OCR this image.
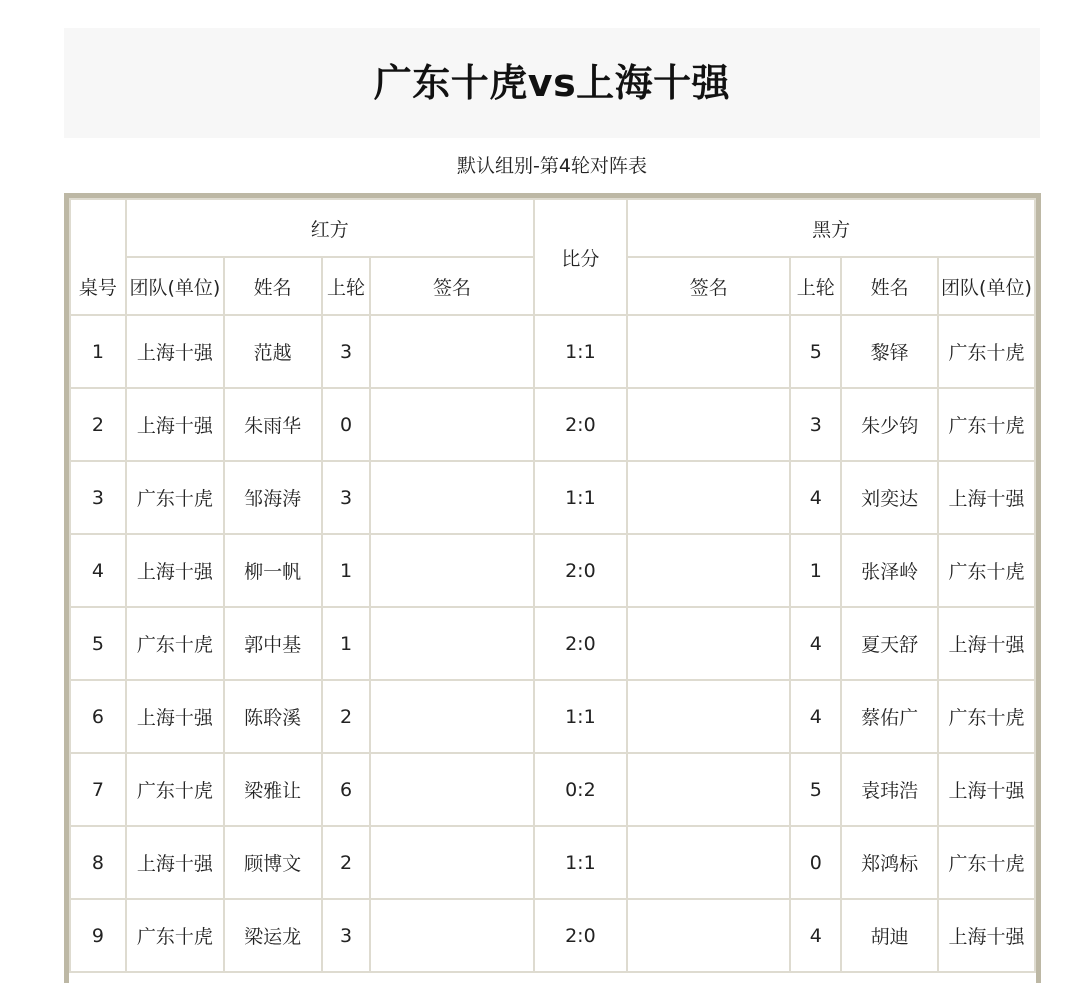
广东十虎vs上海十强
默认组别-第4轮对阵表
桌号	红方				比分	黑方			
	团队(单位)	姓名	上轮	签名		签名	上轮	姓名	团队(单位)
1	上海十强	范越	3		1:1		5	黎铎	广东十虎
2	上海十强	朱雨华	0		2:0		3	朱少钧	广东十虎
3	广东十虎	邹海涛	3		1:1		4	刘奕达	上海十强
4	上海十强	柳一帆	1		2:0		1	张泽岭	广东十虎
5	广东十虎	郭中基	1		2:0		4	夏天舒	上海十强
6	上海十强	陈聆溪	2		1:1		4	蔡佑广	广东十虎
7	广东十虎	梁雅让	6		0:2		5	袁玮浩	上海十强
8	上海十强	顾博文	2		1:1		0	郑鸿标	广东十虎
9	广东十虎	梁运龙	3		2:0		4	胡迪	上海十强
